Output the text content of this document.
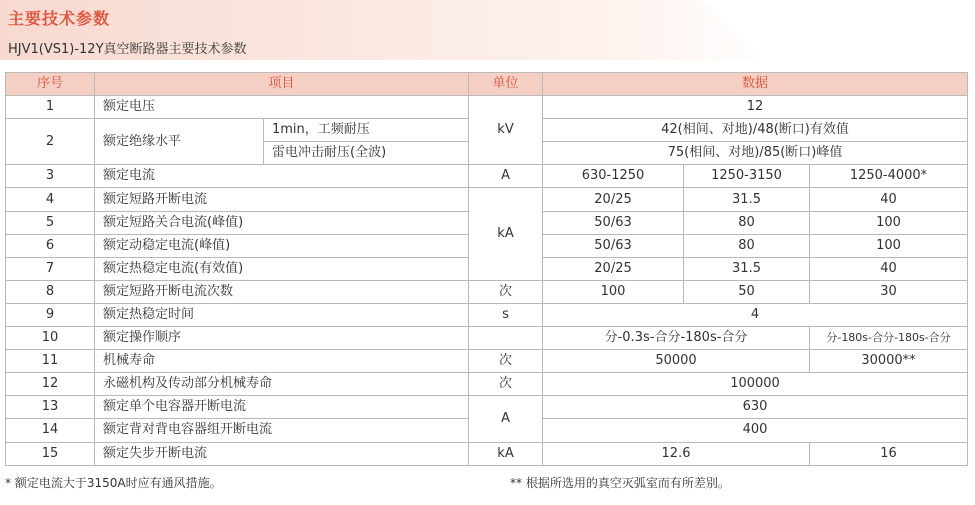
主要技术参数

HJV1(VS1)-12Y真空断路器主要技术参数

序号	项目		单位	数据		
1	额定电压		kV	12		
2	额定绝缘水平	1min，工频耐压		42(相间、对地)/48(断口)有效值		
		雷电冲击耐压(全波)		75(相间、对地)/85(断口)峰值		
3	额定电流		A	630-1250	1250-3150	1250-4000*
4	额定短路开断电流		kA	20/25	31.5	40
5	额定短路关合电流(峰值)			50/63	80	100
6	额定动稳定电流(峰值)			50/63	80	100
7	额定热稳定电流(有效值)			20/25	31.5	40
8	额定短路开断电流次数		次	100	50	30
9	额定热稳定时间		s	4		
10	额定操作顺序			分-0.3s-合分-180s-合分		分-180s-合分-180s-合分
11	机械寿命		次	50000		30000**
12	永磁机构及传动部分机械寿命		次	100000		
13	额定单个电容器开断电流		A	630		
14	额定背对背电容器组开断电流			400		
15	额定失步开断电流		kA	12.6		16

* 额定电流大于3150A时应有通风措施。	** 根据所选用的真空灭弧室而有所差别。
